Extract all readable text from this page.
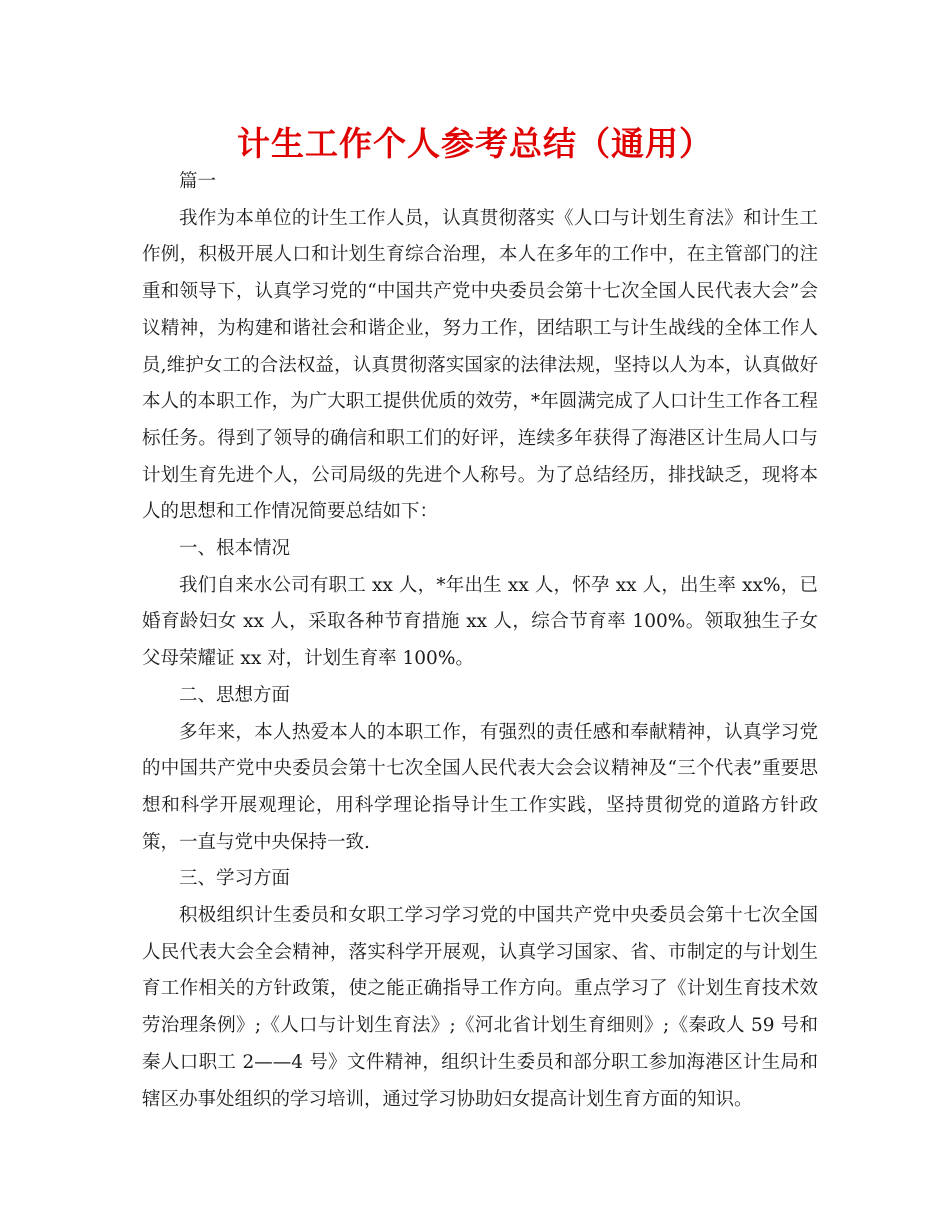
计生工作个人参考总结（通用）

篇一

我作为本单位的计生工作人员，认真贯彻落实《人口与计划生育法》和计生工作例，积极开展人口和计划生育综合治理，本人在多年的工作中，在主管部门的注重和领导下，认真学习党的“中国共产党中央委员会第十七次全国人民代表大会”会议精神，为构建和谐社会和谐企业，努力工作，团结职工与计生战线的全体工作人员,维护女工的合法权益，认真贯彻落实国家的法律法规，坚持以人为本，认真做好本人的本职工作，为广大职工提供优质的效劳，*年圆满完成了人口计生工作各工程标任务。得到了领导的确信和职工们的好评，连续多年获得了海港区计生局人口与计划生育先进个人，公司局级的先进个人称号。为了总结经历，排找缺乏，现将本人的思想和工作情况简要总结如下：

一、根本情况

我们自来水公司有职工 xx 人，*年出生 xx 人，怀孕 xx 人，出生率 xx%，已婚育龄妇女 xx 人，采取各种节育措施 xx 人，综合节育率 100%。领取独生子女父母荣耀证 xx 对，计划生育率 100%。

二、思想方面

多年来，本人热爱本人的本职工作，有强烈的责任感和奉献精神，认真学习党的中国共产党中央委员会第十七次全国人民代表大会会议精神及“三个代表”重要思想和科学开展观理论，用科学理论指导计生工作实践，坚持贯彻党的道路方针政策，一直与党中央保持一致.

三、学习方面

积极组织计生委员和女职工学习学习党的中国共产党中央委员会第十七次全国人民代表大会全会精神，落实科学开展观，认真学习国家、省、市制定的与计划生育工作相关的方针政策，使之能正确指导工作方向。重点学习了《计划生育技术效劳治理条例》;《人口与计划生育法》;《河北省计划生育细则》;《秦政人 59 号和秦人口职工 2——4 号》文件精神，组织计生委员和部分职工参加海港区计生局和辖区办事处组织的学习培训，通过学习协助妇女提高计划生育方面的知识。
